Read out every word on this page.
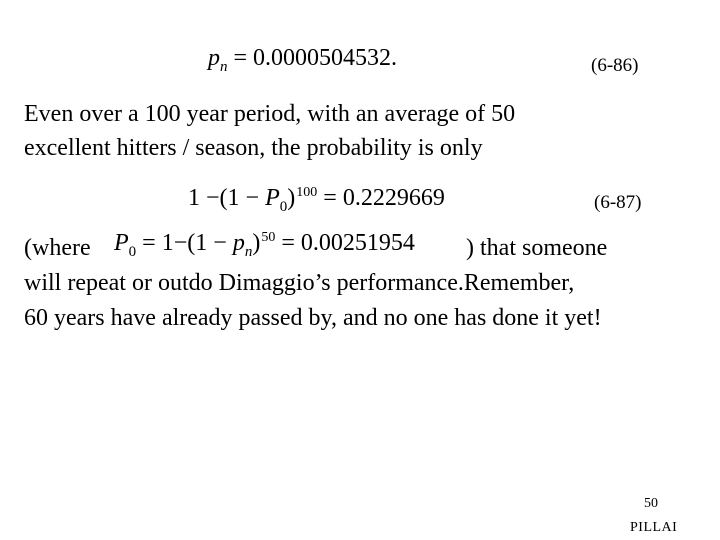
$p_n = 0.0000504532$.	(6-86)
Even over a 100 year period, with an average of 50
excellent hitters / season, the probability is only
$1 -(1 - P_0)^{100} = 0.2229669$	(6-87)
(where $P_0 = 1-(1 - p_n)^{50} = 0.00251954$ ) that someone
will repeat or outdo Dimaggio’s performance.Remember,
60 years have already passed by, and no one has done it yet!
50
PILLAI
